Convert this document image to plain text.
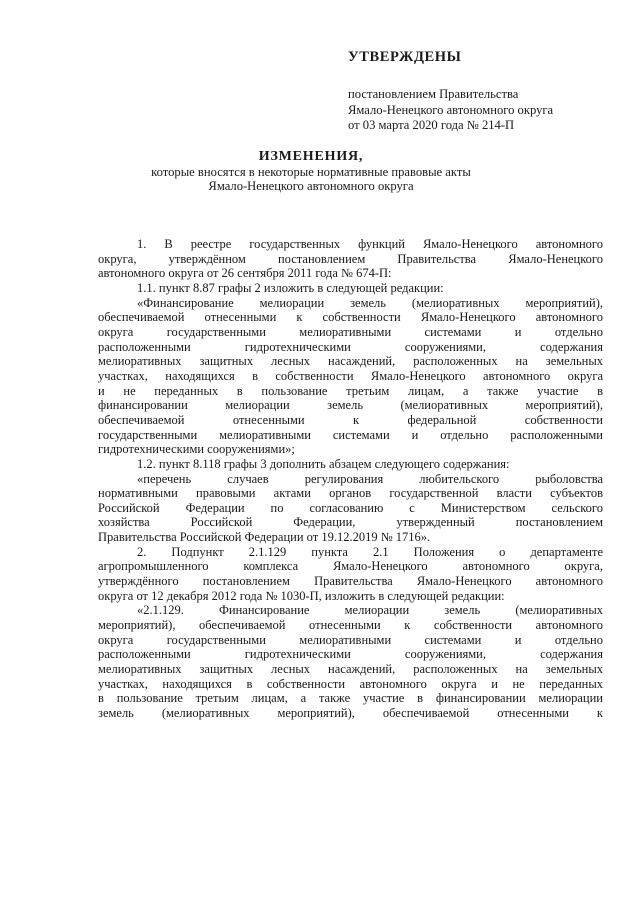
УТВЕРЖДЕНЫ

постановлением Правительства

Ямало-Ненецкого автономного округа

от 03 марта 2020 года № 214-П

ИЗМЕНЕНИЯ,

которые вносятся в некоторые нормативные правовые акты

Ямало-Ненецкого автономного округа

1. В реестре государственных функций Ямало-Ненецкого автономного
округа, утверждённом постановлением Правительства Ямало-Ненецкого
автономного округа от 26 сентября 2011 года № 674-П:
1.1. пункт 8.87 графы 2 изложить в следующей редакции:
«Финансирование мелиорации земель (мелиоративных мероприятий),
обеспечиваемой отнесенными к собственности Ямало-Ненецкого автономного
округа государственными мелиоративными системами и отдельно
расположенными гидротехническими сооружениями, содержания
мелиоративных защитных лесных насаждений, расположенных на земельных
участках, находящихся в собственности Ямало-Ненецкого автономного округа
и не переданных в пользование третьим лицам, а также участие в
финансировании мелиорации земель (мелиоративных мероприятий),
обеспечиваемой отнесенными к федеральной собственности
государственными мелиоративными системами и отдельно расположенными
гидротехническими сооружениями»;
1.2. пункт 8.118 графы 3 дополнить абзацем следующего содержания:
«перечень случаев регулирования любительского рыболовства
нормативными правовыми актами органов государственной власти субъектов
Российской Федерации по согласованию с Министерством сельского
хозяйства Российской Федерации, утвержденный постановлением
Правительства Российской Федерации от 19.12.2019 № 1716».
2. Подпункт 2.1.129 пункта 2.1 Положения о департаменте
агропромышленного комплекса Ямало-Ненецкого автономного округа,
утверждённого постановлением Правительства Ямало-Ненецкого автономного
округа от 12 декабря 2012 года № 1030-П, изложить в следующей редакции:
«2.1.129. Финансирование мелиорации земель (мелиоративных
мероприятий), обеспечиваемой отнесенными к собственности автономного
округа государственными мелиоративными системами и отдельно
расположенными гидротехническими сооружениями, содержания
мелиоративных защитных лесных насаждений, расположенных на земельных
участках, находящихся в собственности автономного округа и не переданных
в пользование третьим лицам, а также участие в финансировании мелиорации
земель (мелиоративных мероприятий), обеспечиваемой отнесенными к
